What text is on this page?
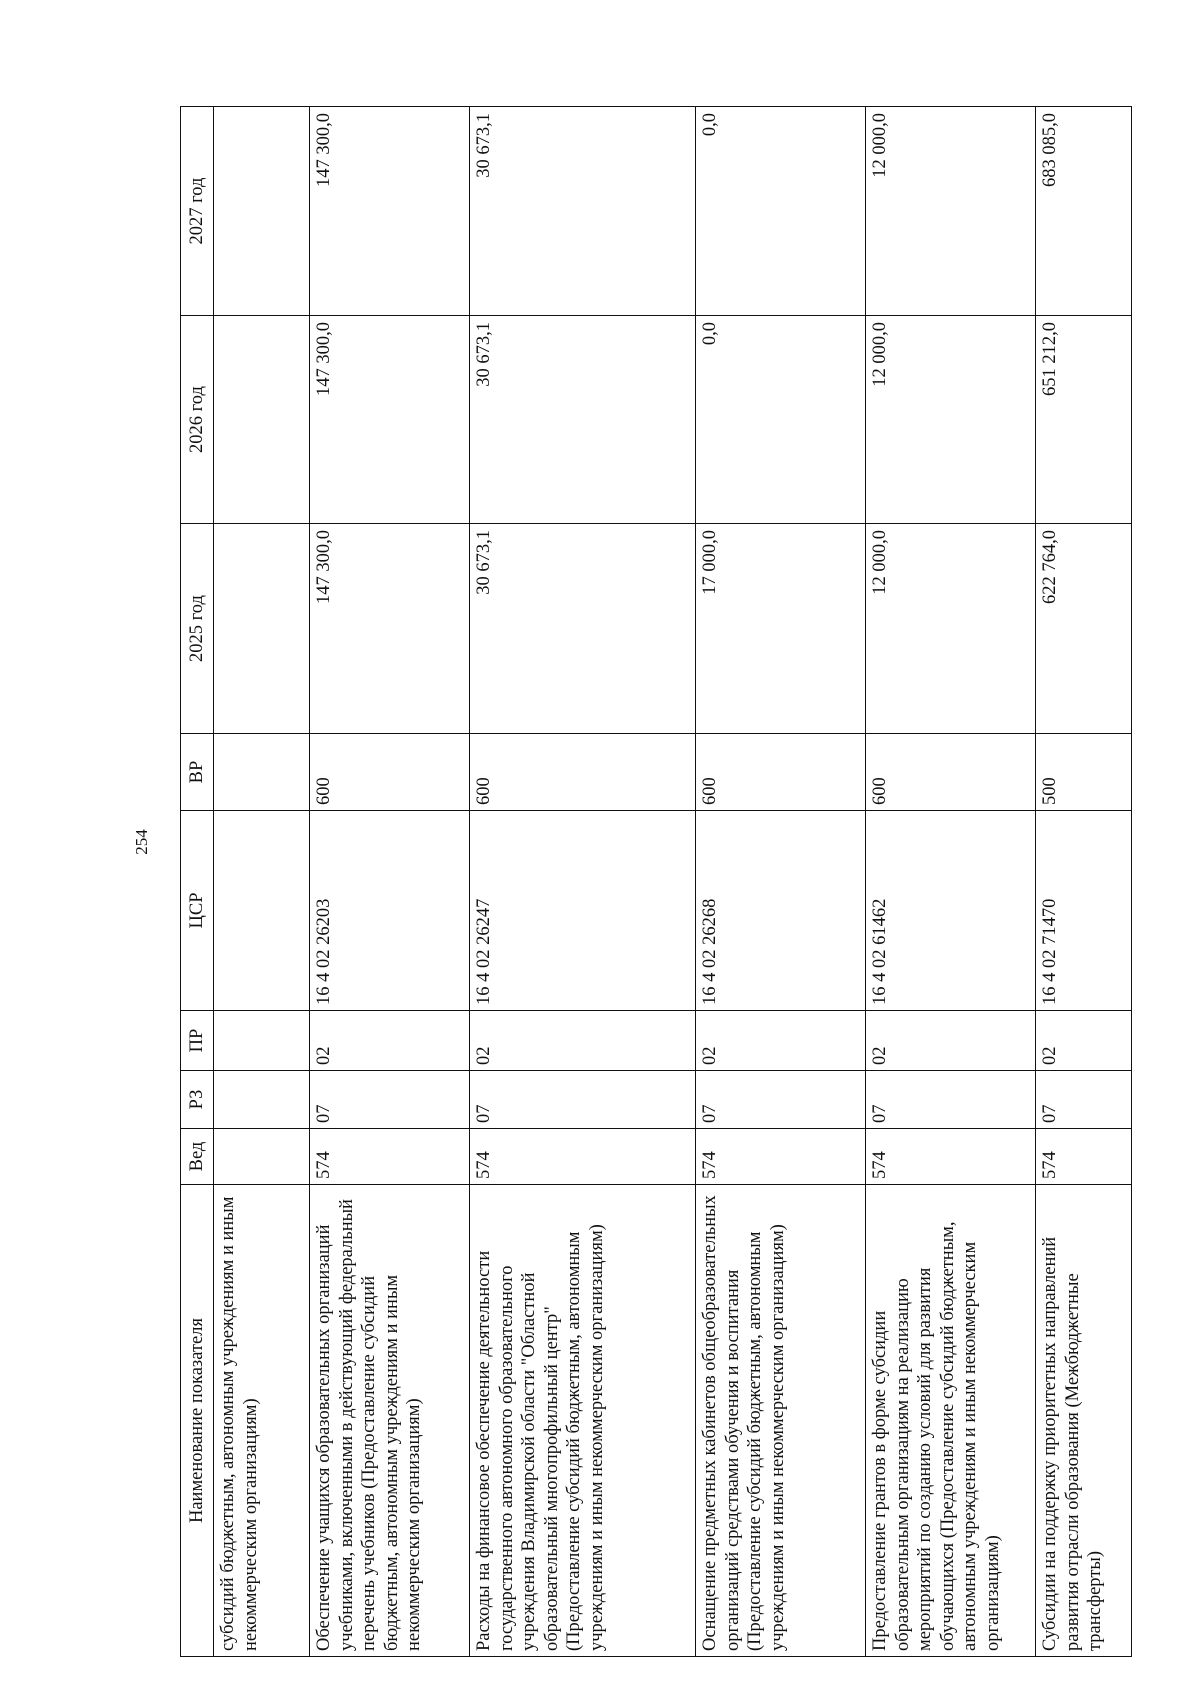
254
Наименование показателя	Вед	РЗ	ПР	ЦСР	ВР	2025 год	2026 год	2027 год
субсидий бюджетным, автономным учреждениям и иным некоммерческим организациям)								
Обеспечение учащихся образовательных организаций учебниками, включенными в действующий федеральный перечень учебников (Предоставление субсидий бюджетным, автономным учреждениям и иным некоммерческим организациям)	574	07	02	16 4 02 26203	600	147 300,0	147 300,0	147 300,0
Расходы на финансовое обеспечение деятельности государственного автономного образовательного учреждения Владимирской области "Областной образовательный многопрофильный центр" (Предоставление субсидий бюджетным, автономным учреждениям и иным некоммерческим организациям)	574	07	02	16 4 02 26247	600	30 673,1	30 673,1	30 673,1
Оснащение предметных кабинетов общеобразовательных организаций средствами обучения и воспитания (Предоставление субсидий бюджетным, автономным учреждениям и иным некоммерческим организациям)	574	07	02	16 4 02 26268	600	17 000,0	0,0	0,0
Предоставление грантов в форме субсидии образовательным организациям на реализацию мероприятий по созданию условий для развития обучающихся (Предоставление субсидий бюджетным, автономным учреждениям и иным некоммерческим организациям)	574	07	02	16 4 02 61462	600	12 000,0	12 000,0	12 000,0
Субсидии на поддержку приоритетных направлений развития отрасли образования (Межбюджетные трансферты)	574	07	02	16 4 02 71470	500	622 764,0	651 212,0	683 085,0
